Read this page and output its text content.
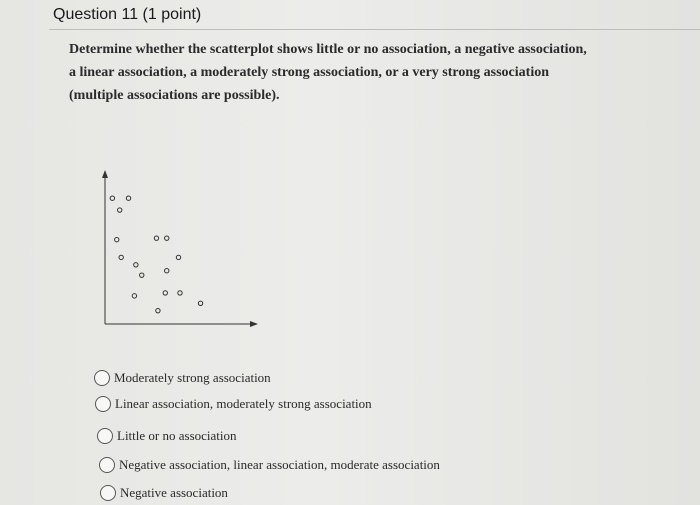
Question 11 (1 point)
Determine whether the scatterplot shows little or no association, a negative association,
a linear association, a moderately strong association, or a very strong association
(multiple associations are possible).
Moderately strong association
Linear association, moderately strong association
Little or no association
Negative association, linear association, moderate association
Negative association
